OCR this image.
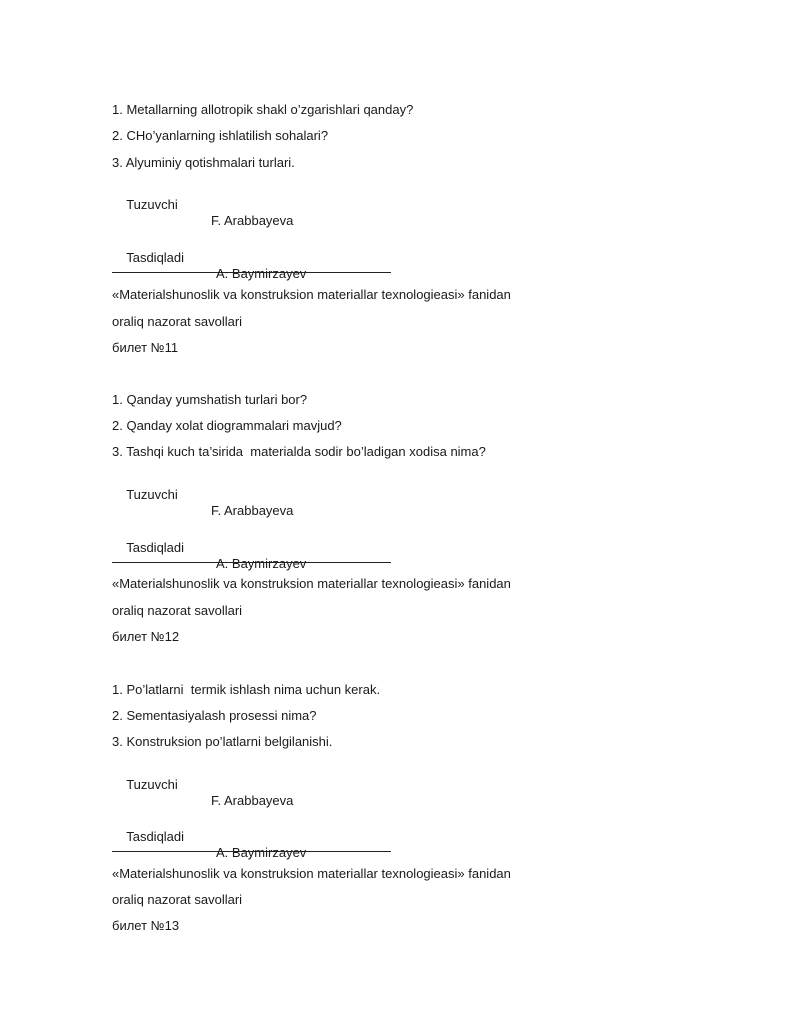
1. Metallarning allotropik shakl o’zgarishlari qanday?
2. CHo’yanlarning ishlatilish sohalari?
3. Alyuminiy qotishmalari turlari.

Tuzuvchi

F. Arabbayeva

Tasdiqladi

A. Baymirzayev

«Materialshunoslik va konstruksion materiallar texnologieasi» fanidan
oraliq nazorat savollari
билет №11
1. Qanday yumshatish turlari bor?
2. Qanday xolat diogrammalari mavjud?
3. Tashqi kuch ta’sirida  materialda sodir bo’ladigan xodisa nima?

Tuzuvchi

F. Arabbayeva

Tasdiqladi

A. Baymirzayev

«Materialshunoslik va konstruksion materiallar texnologieasi» fanidan
oraliq nazorat savollari
билет №12
1. Po’latlarni  termik ishlash nima uchun kerak.
2. Sementasiyalash prosessi nima?
3. Konstruksion po’latlarni belgilanishi.

Tuzuvchi

F. Arabbayeva

Tasdiqladi

A. Baymirzayev

«Materialshunoslik va konstruksion materiallar texnologieasi» fanidan
oraliq nazorat savollari
билет №13
